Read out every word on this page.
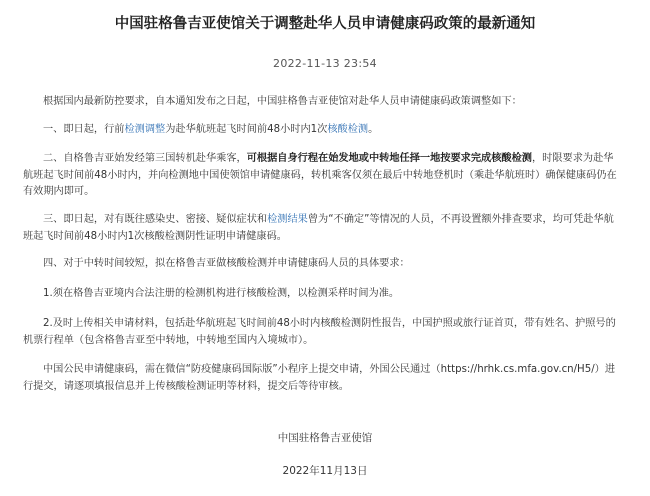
中国驻格鲁吉亚使馆关于调整赴华人员申请健康码政策的最新通知
2022-11-13 23:54

根据国内最新防控要求，自本通知发布之日起，中国驻格鲁吉亚使馆对赴华人员申请健康码政策调整如下：

一、即日起，行前检测调整为赴华航班起飞时间前48小时内1次核酸检测。

二、自格鲁吉亚始发经第三国转机赴华乘客，可根据自身行程在始发地或中转地任择一地按要求完成核酸检测，时限要求为赴华航班起飞时间前48小时内，并向检测地中国使领馆申请健康码，转机乘客仅须在最后中转地登机时（乘赴华航班时）确保健康码仍在有效期内即可。

三、即日起，对有既往感染史、密接、疑似症状和检测结果曾为“不确定”等情况的人员，不再设置额外排查要求，均可凭赴华航班起飞时间前48小时内1次核酸检测阴性证明申请健康码。

四、对于中转时间较短，拟在格鲁吉亚做核酸检测并申请健康码人员的具体要求：

1.须在格鲁吉亚境内合法注册的检测机构进行核酸检测，以检测采样时间为准。

2.及时上传相关申请材料，包括赴华航班起飞时间前48小时内核酸检测阴性报告，中国护照或旅行证首页，带有姓名、护照号的机票行程单（包含格鲁吉亚至中转地，中转地至国内入境城市）。

中国公民申请健康码，需在微信“防疫健康码国际版”小程序上提交申请，外国公民通过（https://hrhk.cs.mfa.gov.cn/H5/）进行提交，请逐项填报信息并上传核酸检测证明等材料，提交后等待审核。

中国驻格鲁吉亚使馆
2022年11月13日
